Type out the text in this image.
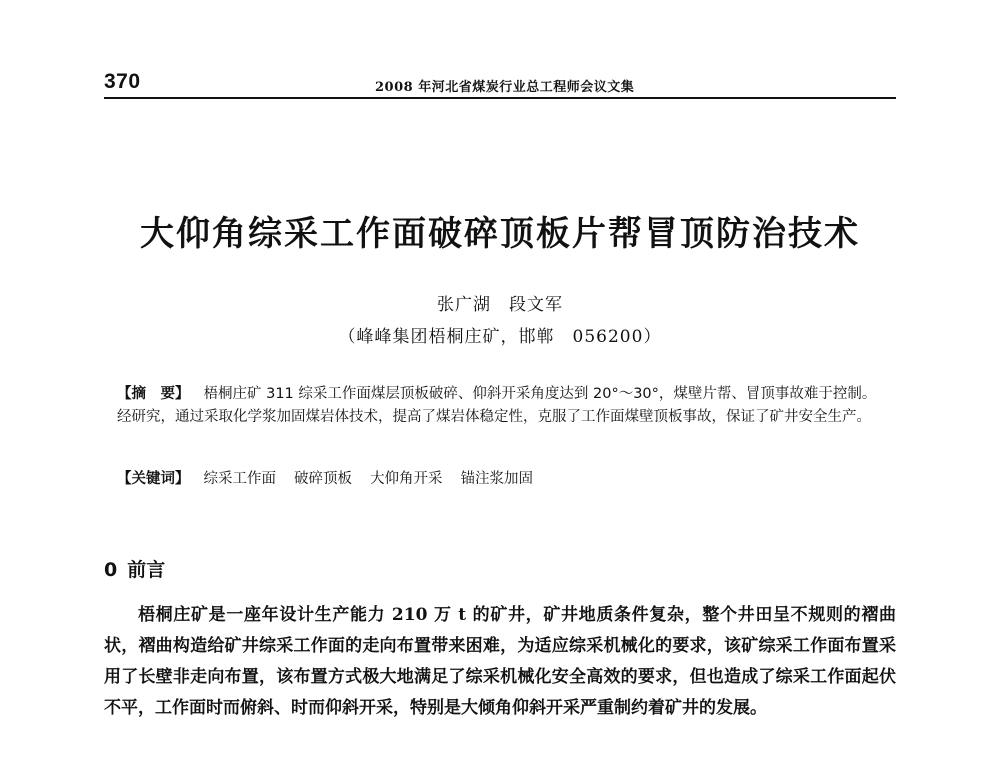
370	2008 年河北省煤炭行业总工程师会议文集
大仰角综采工作面破碎顶板片帮冒顶防治技术
张广湖 段文军
（峰峰集团梧桐庄矿，邯郸　056200）

【摘　要】 梧桐庄矿 311 综采工作面煤层顶板破碎、仰斜开采角度达到 20°～30°，煤壁片帮、冒顶事故难于控制。经研究，通过采取化学浆加固煤岩体技术，提高了煤岩体稳定性，克服了工作面煤壁顶板事故，保证了矿井安全生产。

【关键词】 综采工作面 破碎顶板 大仰角开采 锚注浆加固

0 前言

梧桐庄矿是一座年设计生产能力 210 万 t 的矿井，矿井地质条件复杂，整个井田呈不规则的褶曲状，褶曲构造给矿井综采工作面的走向布置带来困难，为适应综采机械化的要求，该矿综采工作面布置采用了长壁非走向布置，该布置方式极大地满足了综采机械化安全高效的要求，但也造成了综采工作面起伏不平，工作面时而俯斜、时而仰斜开采，特别是大倾角仰斜开采严重制约着矿井的发展。
